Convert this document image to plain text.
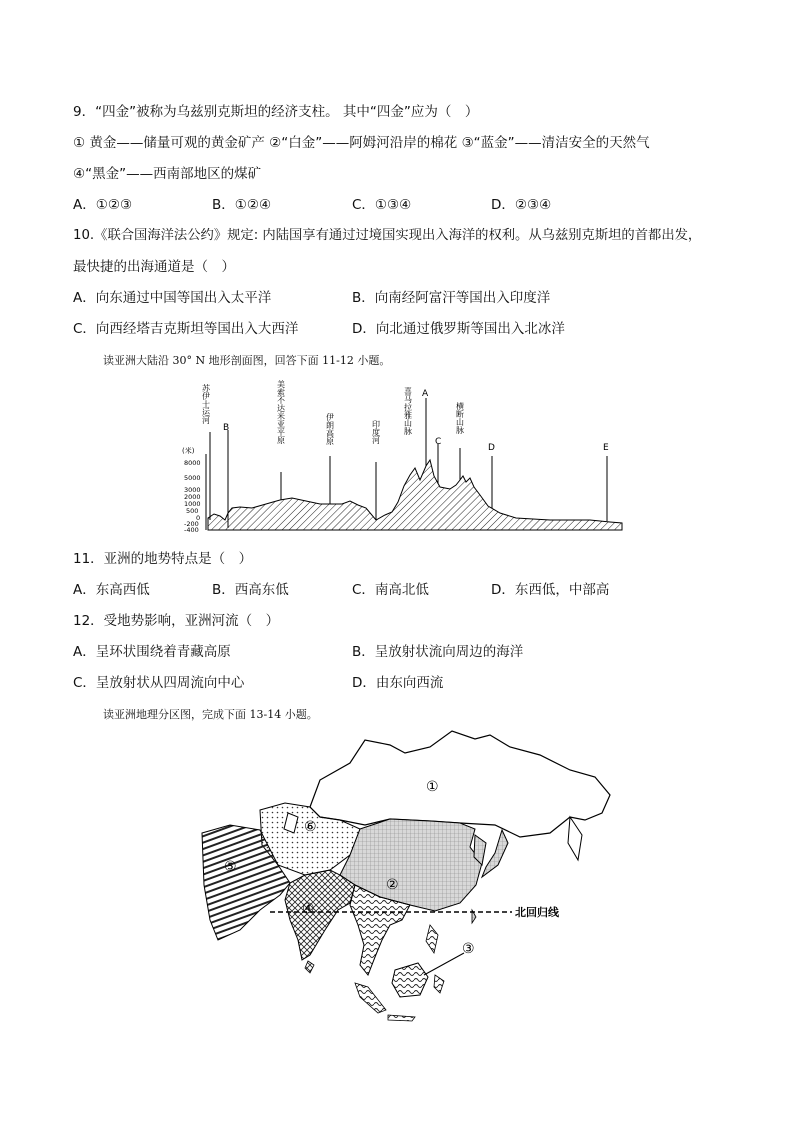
9．“四金”被称为乌兹别克斯坦的经济支柱。 其中“四金”应为（　）
① 黄金——储量可观的黄金矿产 ②“白金”——阿姆河沿岸的棉花 ③“蓝金”——清洁安全的天然气
④“黑金”——西南部地区的煤矿
A．①②③	B．①②④	C．①③④	D．②③④
10.《联合国海洋法公约》规定: 内陆国享有通过过境国实现出入海洋的权利。从乌兹别克斯坦的首都出发，
最快捷的出海通道是（　）
A．向东通过中国等国出入太平洋	B．向南经阿富汗等国出入印度洋
C．向西经塔吉克斯坦等国出入大西洋	D．向北通过俄罗斯等国出入北冰洋
读亚洲大陆沿 30° N 地形剖面图，回答下面 11-12 小题。
(米)
8000
5000
3000
2000
1000
500
0
-200
-400
苏伊士运河
B	美索不达米亚平原	伊朗高原	印度河	喜马拉雅山脉 A
C
横断山脉
D	E
11．亚洲的地势特点是（　）
A．东高西低	B．西高东低	C．南高北低	D．东西低，中部高
12．受地势影响，亚洲河流（　）
A．呈环状围绕着青藏高原	B．呈放射状流向周边的海洋
C．呈放射状从四周流向中心	D．由东向西流
读亚洲地理分区图，完成下面 13-14 小题。
北回归线
①
②
③
④
⑤
⑥
